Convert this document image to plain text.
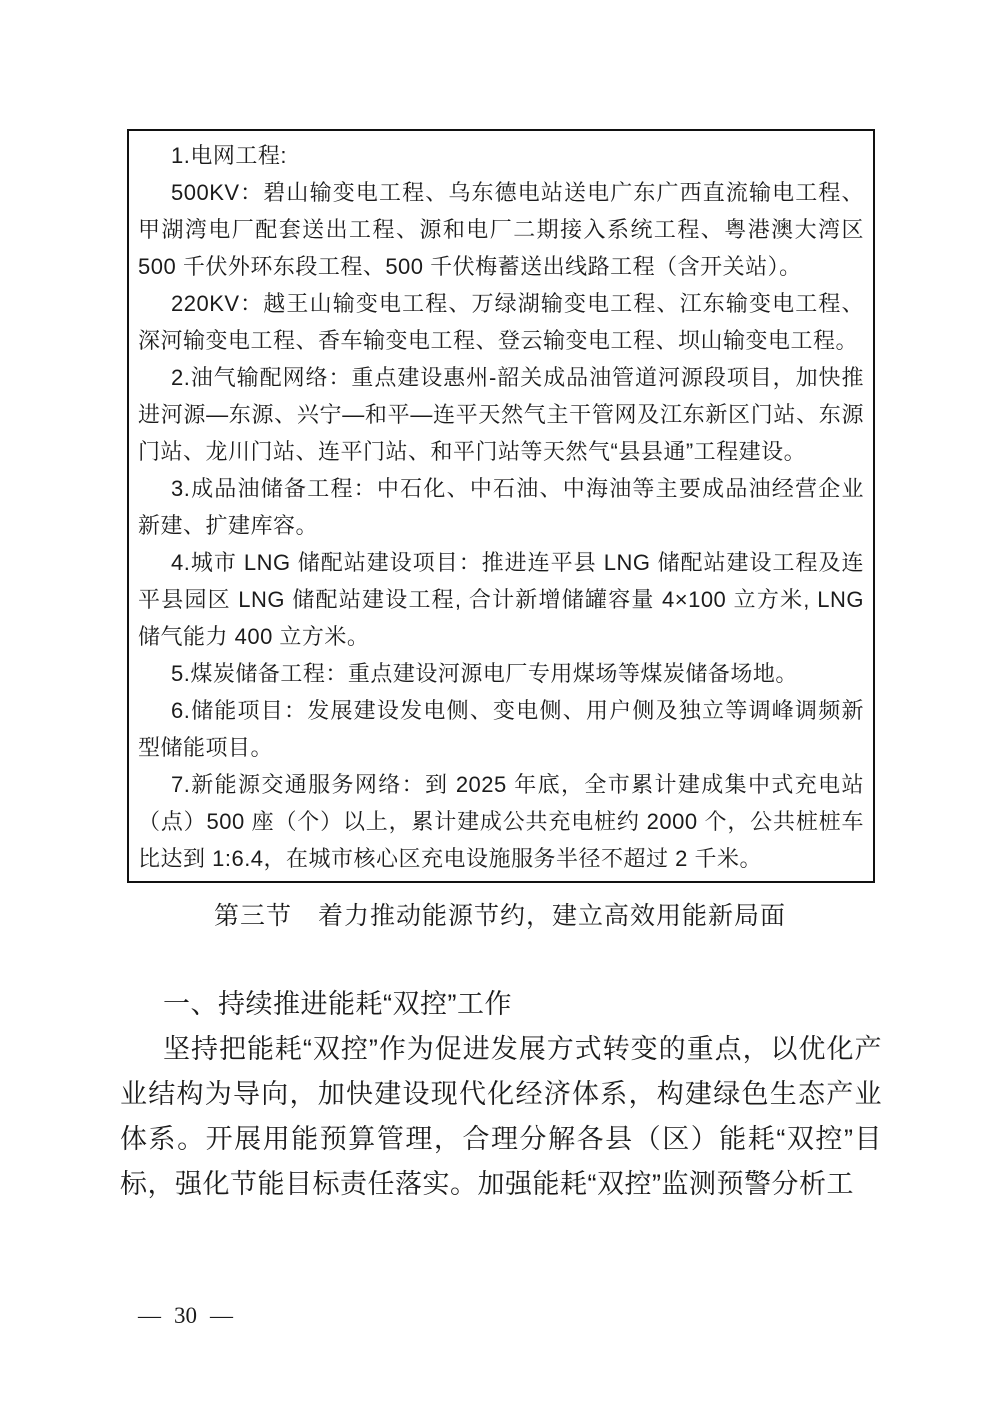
1.电网工程:

500KV：碧山输变电工程、乌东德电站送电广东广西直流输电工程、甲湖湾电厂配套送出工程、源和电厂二期接入系统工程、粤港澳大湾区 500 千伏外环东段工程、500 千伏梅蓄送出线路工程（含开关站）。

220KV：越王山输变电工程、万绿湖输变电工程、江东输变电工程、深河输变电工程、香车输变电工程、登云输变电工程、坝山输变电工程。

2.油气输配网络：重点建设惠州-韶关成品油管道河源段项目，加快推进河源—东源、兴宁—和平—连平天然气主干管网及江东新区门站、东源门站、龙川门站、连平门站、和平门站等天然气“县县通”工程建设。

3.成品油储备工程：中石化、中石油、中海油等主要成品油经营企业新建、扩建库容。

4.城市 LNG 储配站建设项目：推进连平县 LNG 储配站建设工程及连平县园区 LNG 储配站建设工程, 合计新增储罐容量 4×100 立方米, LNG 储气能力 400 立方米。

5.煤炭储备工程：重点建设河源电厂专用煤场等煤炭储备场地。

6.储能项目：发展建设发电侧、变电侧、用户侧及独立等调峰调频新型储能项目。

7.新能源交通服务网络：到 2025 年底，全市累计建成集中式充电站（点）500 座（个）以上，累计建成公共充电桩约 2000 个，公共桩桩车比达到 1:6.4，在城市核心区充电设施服务半径不超过 2 千米。

第三节　着力推动能源节约，建立高效用能新局面

一、持续推进能耗“双控”工作

坚持把能耗“双控”作为促进发展方式转变的重点，以优化产业结构为导向，加快建设现代化经济体系，构建绿色生态产业体系。开展用能预算管理，合理分解各县（区）能耗“双控”目标，强化节能目标责任落实。加强能耗“双控”监测预警分析工

— 30 —
